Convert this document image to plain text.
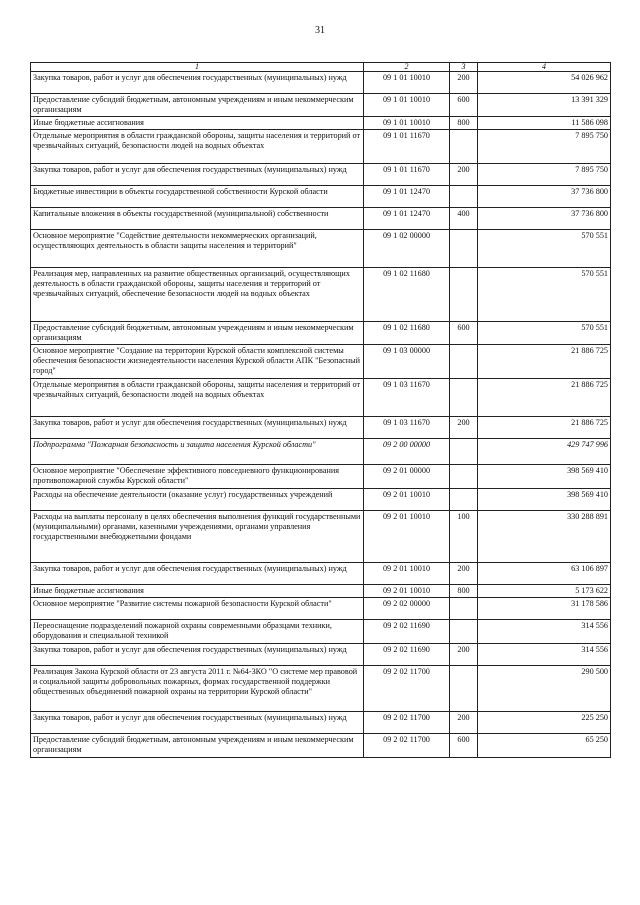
31
1	2	3	4
Закупка товаров, работ и услуг для обеспечения государственных (муниципальных) нужд	09 1 01 10010	200	54 026 962
Предоставление субсидий бюджетным, автономным учреждениям и иным некоммерческим организациям	09 1 01 10010	600	13 391 329
Иные бюджетные ассигнования	09 1 01 10010	800	11 586 098
Отдельные мероприятия в области гражданской обороны, защиты населения и территорий от чрезвычайных ситуаций, безопасности людей на водных объектах	09 1 01 11670		7 895 750
Закупка товаров, работ и услуг для обеспечения государственных (муниципальных) нужд	09 1 01 11670	200	7 895 750
Бюджетные инвестиции в объекты государственной собственности Курской области	09 1 01 12470		37 736 800
Капитальные вложения в объекты государственной (муниципальной) собственности	09 1 01 12470	400	37 736 800
Основное мероприятие "Содействие деятельности некоммерческих организаций, осуществляющих деятельность в области защиты населения и территорий"	09 1 02 00000		570 551
Реализация мер, направленных на развитие общественных организаций, осуществляющих деятельность в области гражданской обороны, защиты населения и территорий от чрезвычайных ситуаций, обеспечение безопасности людей на водных объектах	09 1 02 11680		570 551
Предоставление субсидий бюджетным, автономным учреждениям и иным некоммерческим организациям	09 1 02 11680	600	570 551
Основное мероприятие "Создание на территории Курской области комплексной системы обеспечения безопасности жизнедеятельности населения Курской области АПК "Безопасный город"	09 1 03 00000		21 886 725
Отдельные мероприятия в области гражданской обороны, защиты населения и территорий от чрезвычайных ситуаций, безопасности людей на водных объектах	09 1 03 11670		21 886 725
Закупка товаров, работ и услуг для обеспечения государственных (муниципальных) нужд	09 1 03 11670	200	21 886 725
Подпрограмма "Пожарная безопасность и защита населения Курской области"	09 2 00 00000		429 747 996
Основное мероприятие "Обеспечение эффективного повседневного функционирования противопожарной службы Курской области"	09 2 01 00000		398 569 410
Расходы на обеспечение деятельности (оказание услуг) государственных учреждений	09 2 01 10010		398 569 410
Расходы на выплаты персоналу в целях обеспечения выполнения функций государственными (муниципальными) органами, казенными учреждениями, органами управления государственными внебюджетными фондами	09 2 01 10010	100	330 288 891
Закупка товаров, работ и услуг для обеспечения государственных (муниципальных) нужд	09 2 01 10010	200	63 106 897
Иные бюджетные ассигнования	09 2 01 10010	800	5 173 622
Основное мероприятие "Развитие системы пожарной безопасности Курской области"	09 2 02 00000		31 178 586
Переоснащение подразделений пожарной охраны современными образцами техники, оборудования и специальной техникой	09 2 02 11690		314 556
Закупка товаров, работ и услуг для обеспечения государственных (муниципальных) нужд	09 2 02 11690	200	314 556
Реализация Закона Курской области от 23 августа 2011 г. №64-ЗКО "О системе мер правовой и социальной защиты добровольных пожарных, формах государственной поддержки общественных объединений пожарной охраны на территории Курской области"	09 2 02 11700		290 500
Закупка товаров, работ и услуг для обеспечения государственных (муниципальных) нужд	09 2 02 11700	200	225 250
Предоставление субсидий бюджетным, автономным учреждениям и иным некоммерческим организациям	09 2 02 11700	600	65 250
